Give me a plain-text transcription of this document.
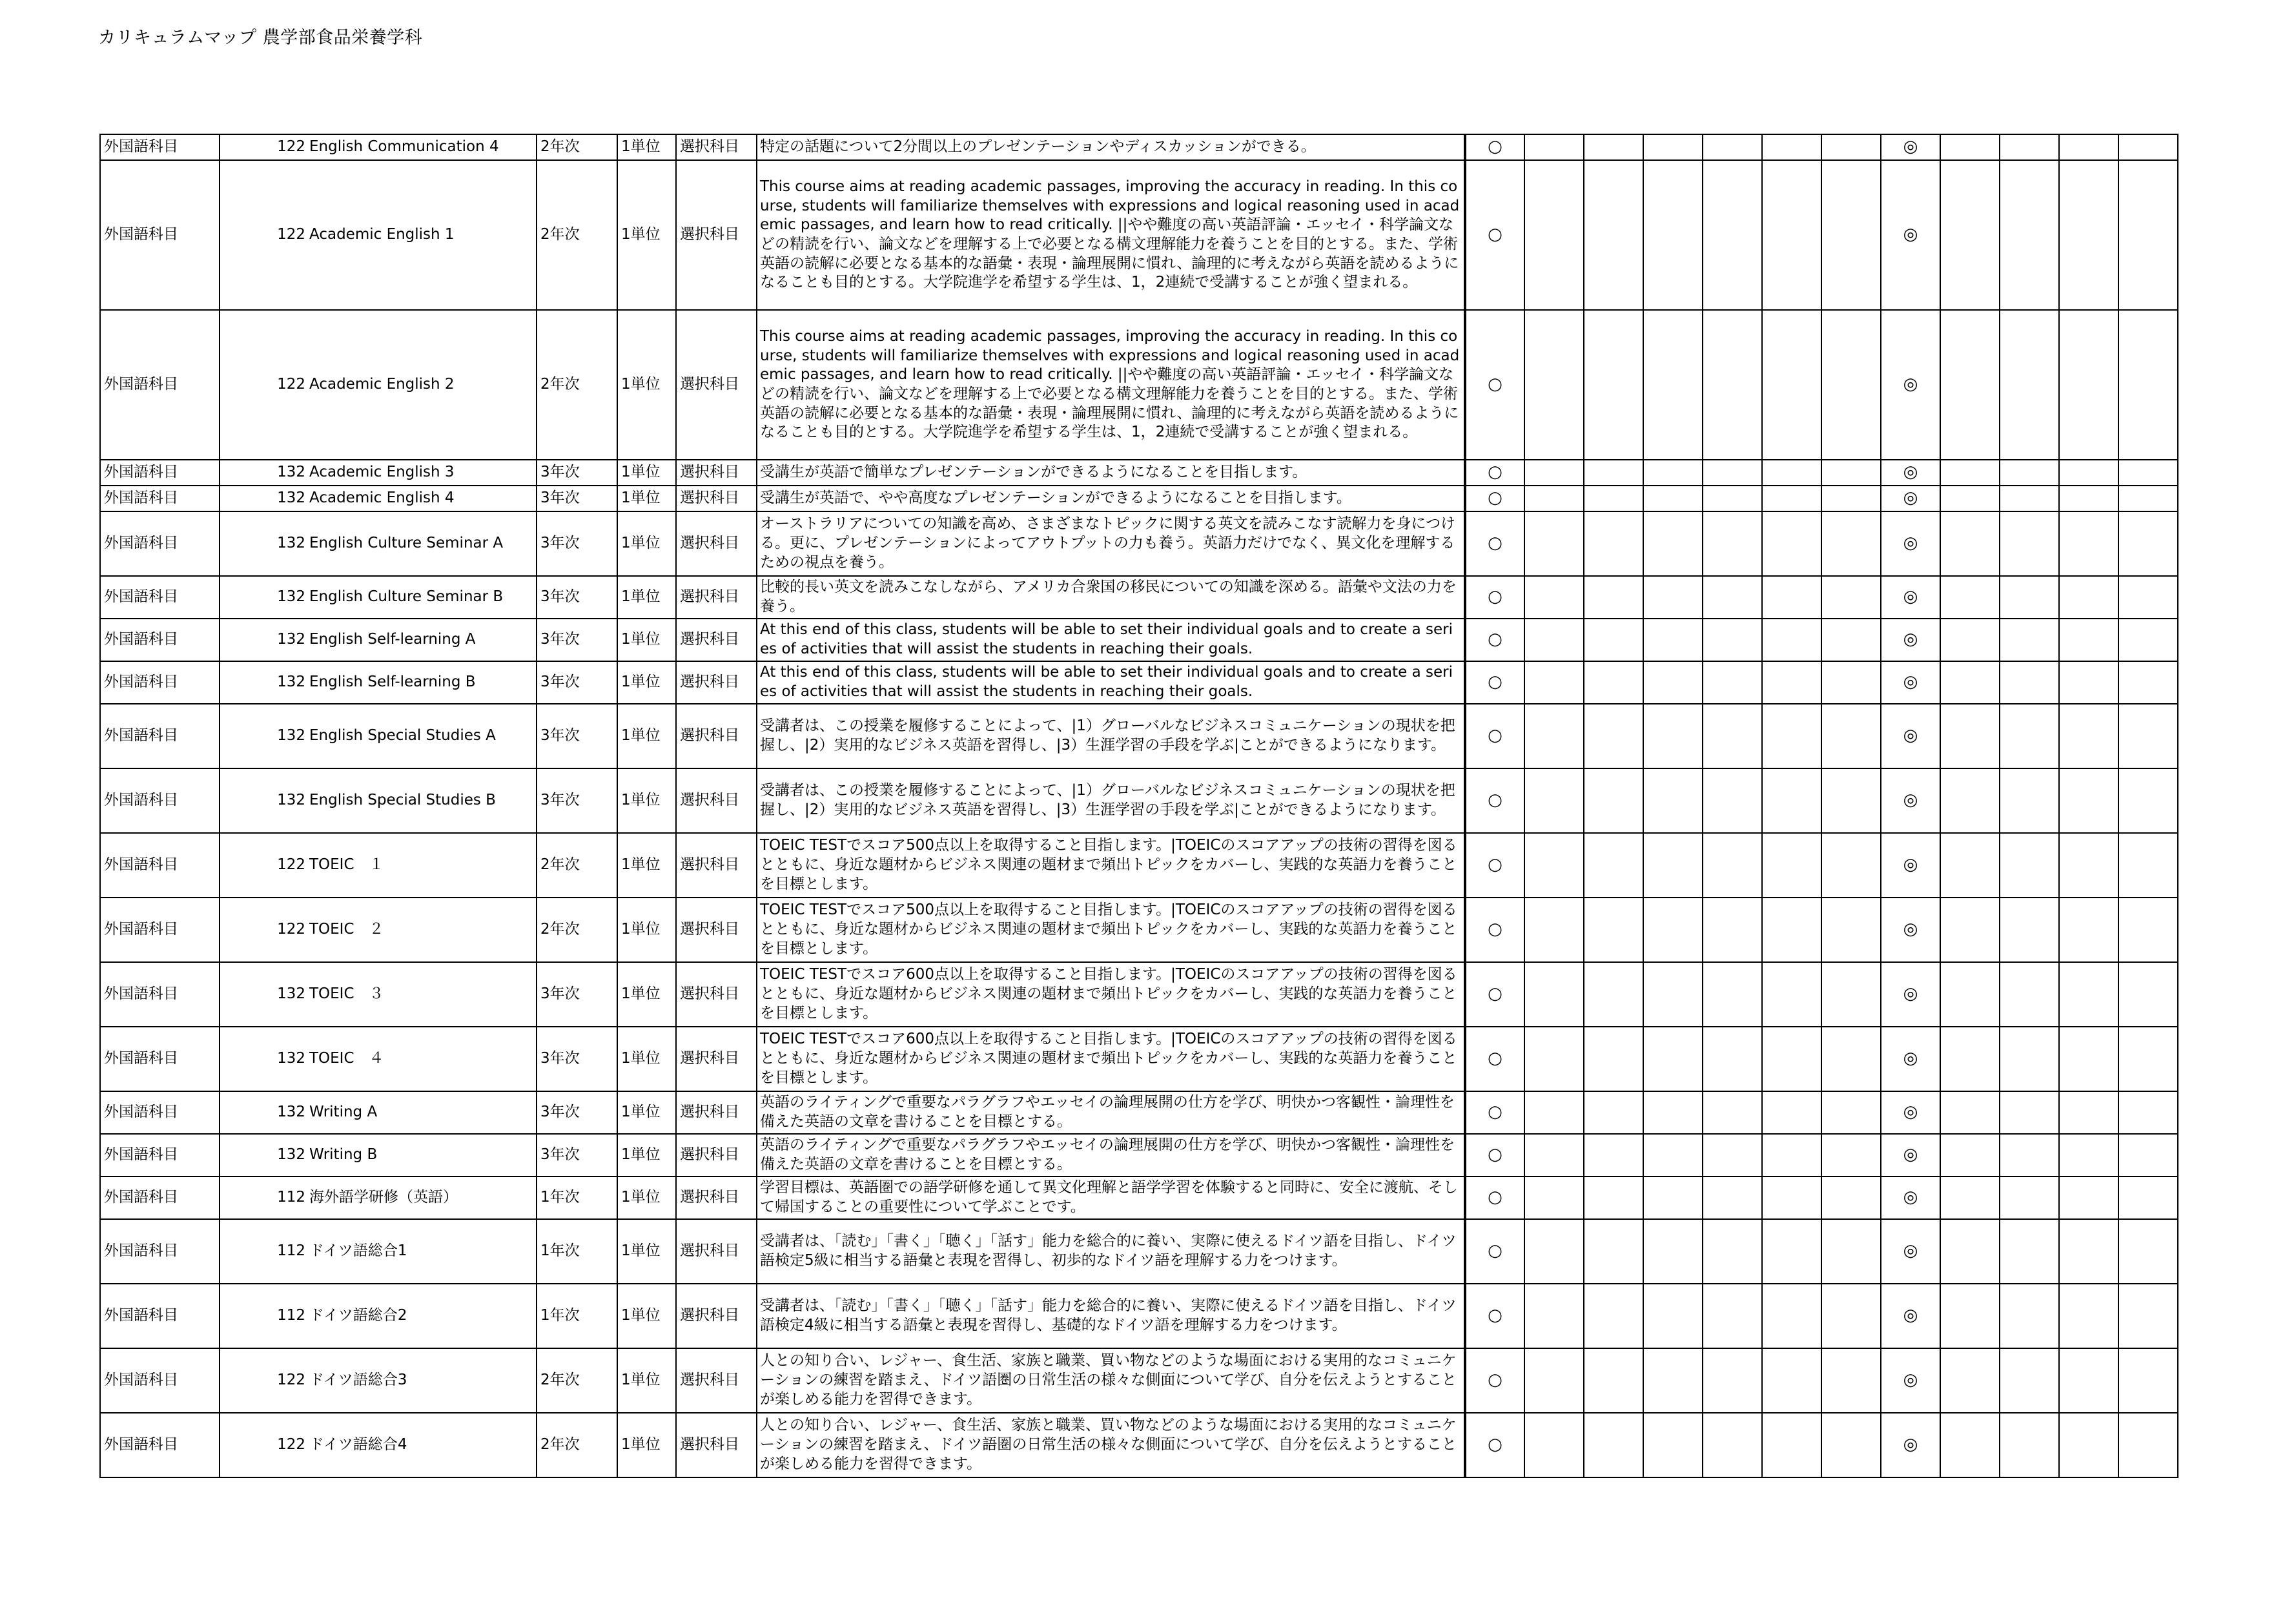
カリキュラムマップ 農学部食品栄養学科
外国語科目	122	English Communication 4	2年次	1単位	選択科目	特定の話題について2分間以上のプレゼンテーションやディスカッションができる。	○							◎				
外国語科目	122	Academic English 1	2年次	1単位	選択科目	This course aims at reading academic passages, improving the accuracy in reading. In this course, students will familiarize themselves with expressions and logical reasoning used in academic passages, and learn how to read critically. ||やや難度の高い英語評論・エッセイ・科学論文などの精読を行い、論文などを理解する上で必要となる構文理解能力を養うことを目的とする。また、学術英語の読解に必要となる基本的な語彙・表現・論理展開に慣れ、論理的に考えながら英語を読めるようになることも目的とする。大学院進学を希望する学生は、1，2連続で受講することが強く望まれる。	○							◎				
外国語科目	122	Academic English 2	2年次	1単位	選択科目	This course aims at reading academic passages, improving the accuracy in reading. In this course, students will familiarize themselves with expressions and logical reasoning used in academic passages, and learn how to read critically. ||やや難度の高い英語評論・エッセイ・科学論文などの精読を行い、論文などを理解する上で必要となる構文理解能力を養うことを目的とする。また、学術英語の読解に必要となる基本的な語彙・表現・論理展開に慣れ、論理的に考えながら英語を読めるようになることも目的とする。大学院進学を希望する学生は、1，2連続で受講することが強く望まれる。	○							◎				
外国語科目	132	Academic English 3	3年次	1単位	選択科目	受講生が英語で簡単なプレゼンテーションができるようになることを目指します。	○							◎				
外国語科目	132	Academic English 4	3年次	1単位	選択科目	受講生が英語で、やや高度なプレゼンテーションができるようになることを目指します。	○							◎				
外国語科目	132	English Culture Seminar A	3年次	1単位	選択科目	オーストラリアについての知識を高め、さまざまなトピックに関する英文を読みこなす読解力を身につける。更に、プレゼンテーションによってアウトプットの力も養う。英語力だけでなく、異文化を理解するための視点を養う。	○							◎				
外国語科目	132	English Culture Seminar B	3年次	1単位	選択科目	比較的長い英文を読みこなしながら、アメリカ合衆国の移民についての知識を深める。語彙や文法の力を養う。	○							◎				
外国語科目	132	English Self-learning A	3年次	1単位	選択科目	At this end of this class, students will be able to set their individual goals and to create a series of activities that will assist the students in reaching their goals.	○							◎				
外国語科目	132	English Self-learning B	3年次	1単位	選択科目	At this end of this class, students will be able to set their individual goals and to create a series of activities that will assist the students in reaching their goals.	○							◎				
外国語科目	132	English Special Studies A	3年次	1単位	選択科目	受講者は、この授業を履修することによって、|1）グローバルなビジネスコミュニケーションの現状を把握し、|2）実用的なビジネス英語を習得し、|3）生涯学習の手段を学ぶ|ことができるようになります。	○							◎				
外国語科目	132	English Special Studies B	3年次	1単位	選択科目	受講者は、この授業を履修することによって、|1）グローバルなビジネスコミュニケーションの現状を把握し、|2）実用的なビジネス英語を習得し、|3）生涯学習の手段を学ぶ|ことができるようになります。	○							◎				
外国語科目	122	TOEIC　１	2年次	1単位	選択科目	TOEIC TESTでスコア500点以上を取得すること目指します。|TOEICのスコアアップの技術の習得を図るとともに、身近な題材からビジネス関連の題材まで頻出トピックをカバーし、実践的な英語力を養うことを目標とします。	○							◎				
外国語科目	122	TOEIC　２	2年次	1単位	選択科目	TOEIC TESTでスコア500点以上を取得すること目指します。|TOEICのスコアアップの技術の習得を図るとともに、身近な題材からビジネス関連の題材まで頻出トピックをカバーし、実践的な英語力を養うことを目標とします。	○							◎				
外国語科目	132	TOEIC　３	3年次	1単位	選択科目	TOEIC TESTでスコア600点以上を取得すること目指します。|TOEICのスコアアップの技術の習得を図るとともに、身近な題材からビジネス関連の題材まで頻出トピックをカバーし、実践的な英語力を養うことを目標とします。	○							◎				
外国語科目	132	TOEIC　４	3年次	1単位	選択科目	TOEIC TESTでスコア600点以上を取得すること目指します。|TOEICのスコアアップの技術の習得を図るとともに、身近な題材からビジネス関連の題材まで頻出トピックをカバーし、実践的な英語力を養うことを目標とします。	○							◎				
外国語科目	132	Writing A	3年次	1単位	選択科目	英語のライティングで重要なパラグラフやエッセイの論理展開の仕方を学び、明快かつ客観性・論理性を備えた英語の文章を書けることを目標とする。	○							◎				
外国語科目	132	Writing B	3年次	1単位	選択科目	英語のライティングで重要なパラグラフやエッセイの論理展開の仕方を学び、明快かつ客観性・論理性を備えた英語の文章を書けることを目標とする。	○							◎				
外国語科目	112	海外語学研修（英語）	1年次	1単位	選択科目	学習目標は、英語圏での語学研修を通して異文化理解と語学学習を体験すると同時に、安全に渡航、そして帰国することの重要性について学ぶことです。	○							◎				
外国語科目	112	ドイツ語総合1	1年次	1単位	選択科目	受講者は、「読む」「書く」「聴く」「話す」能力を総合的に養い、実際に使えるドイツ語を目指し、ドイツ語検定5級に相当する語彙と表現を習得し、初歩的なドイツ語を理解する力をつけます。	○							◎				
外国語科目	112	ドイツ語総合2	1年次	1単位	選択科目	受講者は、「読む」「書く」「聴く」「話す」能力を総合的に養い、実際に使えるドイツ語を目指し、ドイツ語検定4級に相当する語彙と表現を習得し、基礎的なドイツ語を理解する力をつけます。	○							◎				
外国語科目	122	ドイツ語総合3	2年次	1単位	選択科目	人との知り合い、レジャー、食生活、家族と職業、買い物などのような場面における実用的なコミュニケーションの練習を踏まえ、ドイツ語圏の日常生活の様々な側面について学び、自分を伝えようとすることが楽しめる能力を習得できます。	○							◎				
外国語科目	122	ドイツ語総合4	2年次	1単位	選択科目	人との知り合い、レジャー、食生活、家族と職業、買い物などのような場面における実用的なコミュニケーションの練習を踏まえ、ドイツ語圏の日常生活の様々な側面について学び、自分を伝えようとすることが楽しめる能力を習得できます。	○							◎				
